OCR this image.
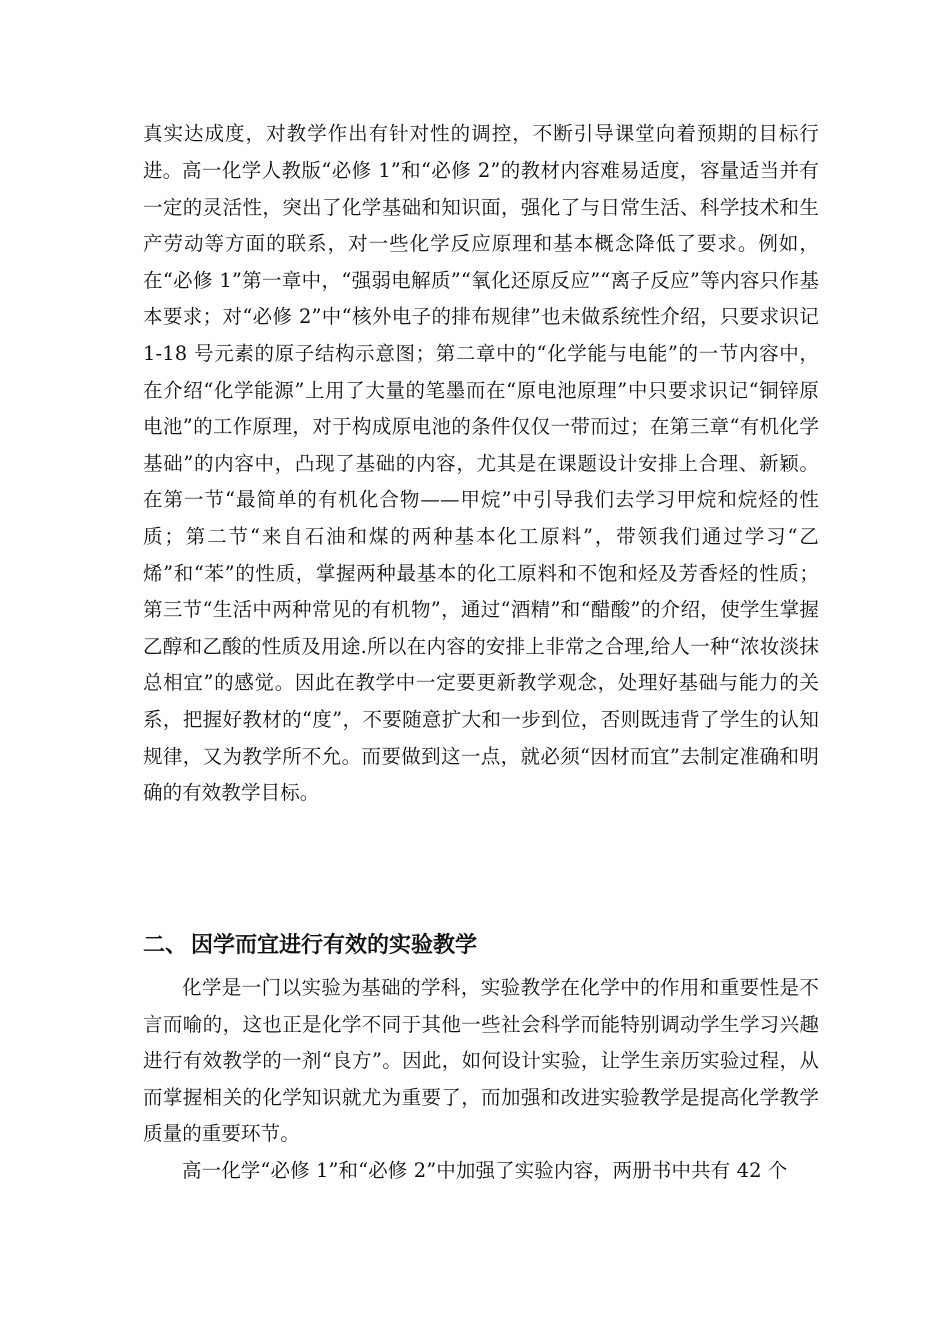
真实达成度，对教学作出有针对性的调控，不断引导课堂向着预期的目标行进。 高一化学人教版“必修 1”和“必修 2”的教材内容难易适度，容量适当并有一定的灵活性，突出了化学基础和知识面，强化了与日常生活、科学技术和生产劳动等方面的联系，对一些化学反应原理和基本概念降低了要求。例如，在“必修 1”第一章中，“强弱电解质”“氧化还原反应”“离子反应”等内容只作基本要求；对“必修 2”中“核外电子的排布规律”也未做系统性介绍，只要求识记 1-18 号元素的原子结构示意图；第二章中的“化学能与电能”的一节内容中，在介绍“化学能源”上用了大量的笔墨而在“原电池原理”中只要求识记“铜锌原电池”的工作原理，对于构成原电池的条件仅仅一带而过；在第三章“有机化学基础”的内容中，凸现了基础的内容，尤其是在课题设计安排上合理、新颖。在第一节“最简单的有机化合物——甲烷”中引导我们去学习甲烷和烷烃的性质；第二节“来自石油和煤的两种基本化工原料”，带领我们通过学习“乙烯”和“苯”的性质，掌握两种最基本的化工原料和不饱和烃及芳香烃的性质；第三节“生活中两种常见的有机物”，通过“酒精”和“醋酸”的介绍，使学生掌握乙醇和乙酸的性质及用途.所以在内容的安排上非常之合理,给人一种“浓妆淡抹总相宜”的感觉。因此在教学中一定要更新教学观念，处理好基础与能力的关系，把握好教材的“度”，不要随意扩大和一步到位，否则既违背了学生的认知规律，又为教学所不允。而要做到这一点，就必须“因材而宜”去制定准确和明确的有效教学目标。

二、 因学而宜进行有效的实验教学

化学是一门以实验为基础的学科，实验教学在化学中的作用和重要性是不言而喻的，这也正是化学不同于其他一些社会科学而能特别调动学生学习兴趣进行有效教学的一剂“良方”。因此，如何设计实验，让学生亲历实验过程，从而掌握相关的化学知识就尤为重要了，而加强和改进实验教学是提高化学教学质量的重要环节。

高一化学“必修 1”和“必修 2”中加强了实验内容，两册书中共有 42 个
